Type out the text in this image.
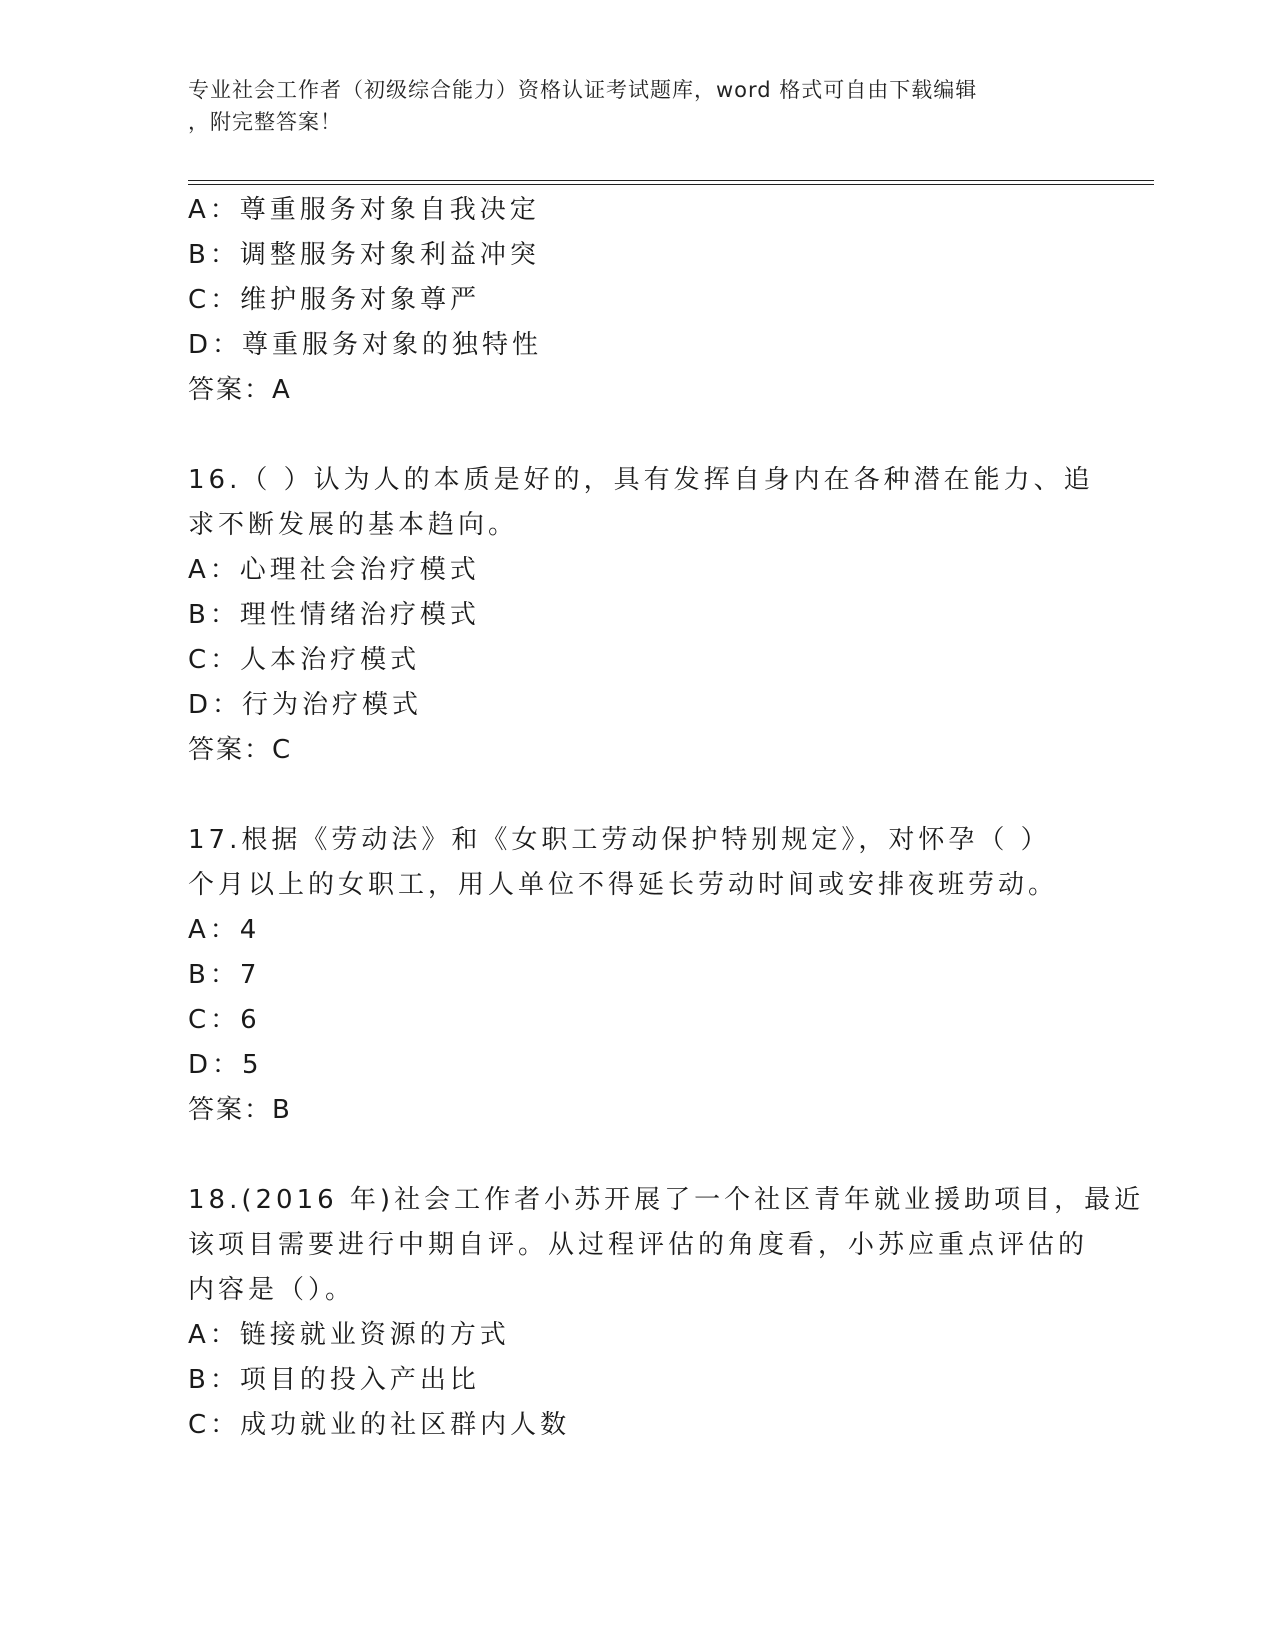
专业社会工作者（初级综合能力）资格认证考试题库，word 格式可自由下载编辑
，附完整答案！
A：尊重服务对象自我决定
B：调整服务对象利益冲突
C：维护服务对象尊严
D：尊重服务对象的独特性
答案：A
16.（ ）认为人的本质是好的，具有发挥自身内在各种潜在能力、追
求不断发展的基本趋向。
A：心理社会治疗模式
B：理性情绪治疗模式
C：人本治疗模式
D：行为治疗模式
答案：C
17.根据《劳动法》和《女职工劳动保护特别规定》，对怀孕（ ）
个月以上的女职工，用人单位不得延长劳动时间或安排夜班劳动。
A：4
B：7
C：6
D：5
答案：B
18.(2016 年)社会工作者小苏开展了一个社区青年就业援助项目，最近
该项目需要进行中期自评。从过程评估的角度看，小苏应重点评估的
内容是（）。
A：链接就业资源的方式
B：项目的投入产出比
C：成功就业的社区群内人数
